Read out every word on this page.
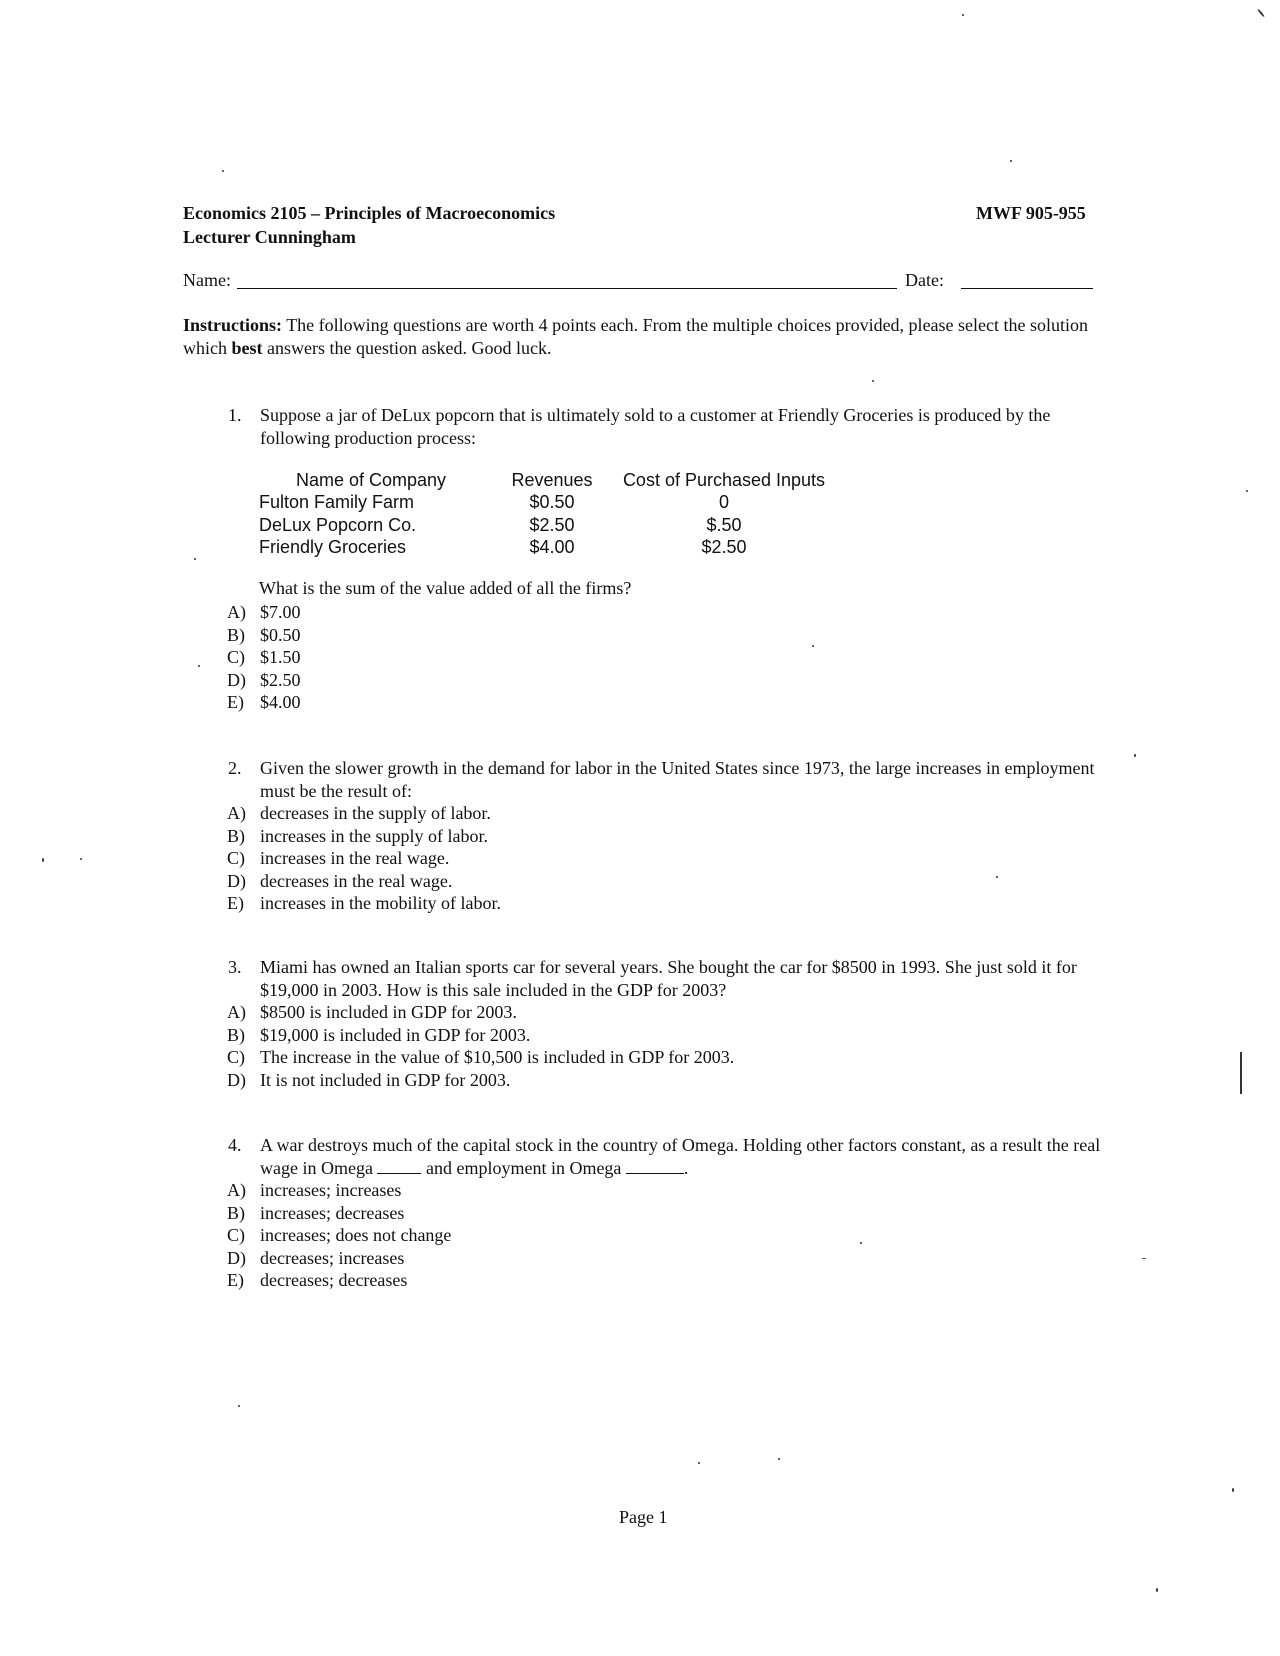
Economics 2105 – Principles of Macroeconomics
Lecturer Cunningham
MWF 905-955
Name:	Date:
Instructions: The following questions are worth 4 points each. From the multiple choices provided, please select the solution which best answers the question asked. Good luck.
1. Suppose a jar of DeLux popcorn that is ultimately sold to a customer at Friendly Groceries is produced by the following production process:
Name of Company	Revenues	Cost of Purchased Inputs
Fulton Family Farm	$0.50	0
DeLux Popcorn Co.	$2.50	$.50
Friendly Groceries	$4.00	$2.50
What is the sum of the value added of all the firms?
A) $7.00
B) $0.50
C) $1.50
D) $2.50
E) $4.00
2. Given the slower growth in the demand for labor in the United States since 1973, the large increases in employment must be the result of:
A) decreases in the supply of labor.
B) increases in the supply of labor.
C) increases in the real wage.
D) decreases in the real wage.
E) increases in the mobility of labor.
3. Miami has owned an Italian sports car for several years. She bought the car for $8500 in 1993. She just sold it for $19,000 in 2003. How is this sale included in the GDP for 2003?
A) $8500 is included in GDP for 2003.
B) $19,000 is included in GDP for 2003.
C) The increase in the value of $10,500 is included in GDP for 2003.
D) It is not included in GDP for 2003.
4. A war destroys much of the capital stock in the country of Omega. Holding other factors constant, as a result the real wage in Omega  and employment in Omega	.
A) increases; increases
B) increases; decreases
C) increases; does not change
D) decreases; increases
E) decreases; decreases
Page 1
